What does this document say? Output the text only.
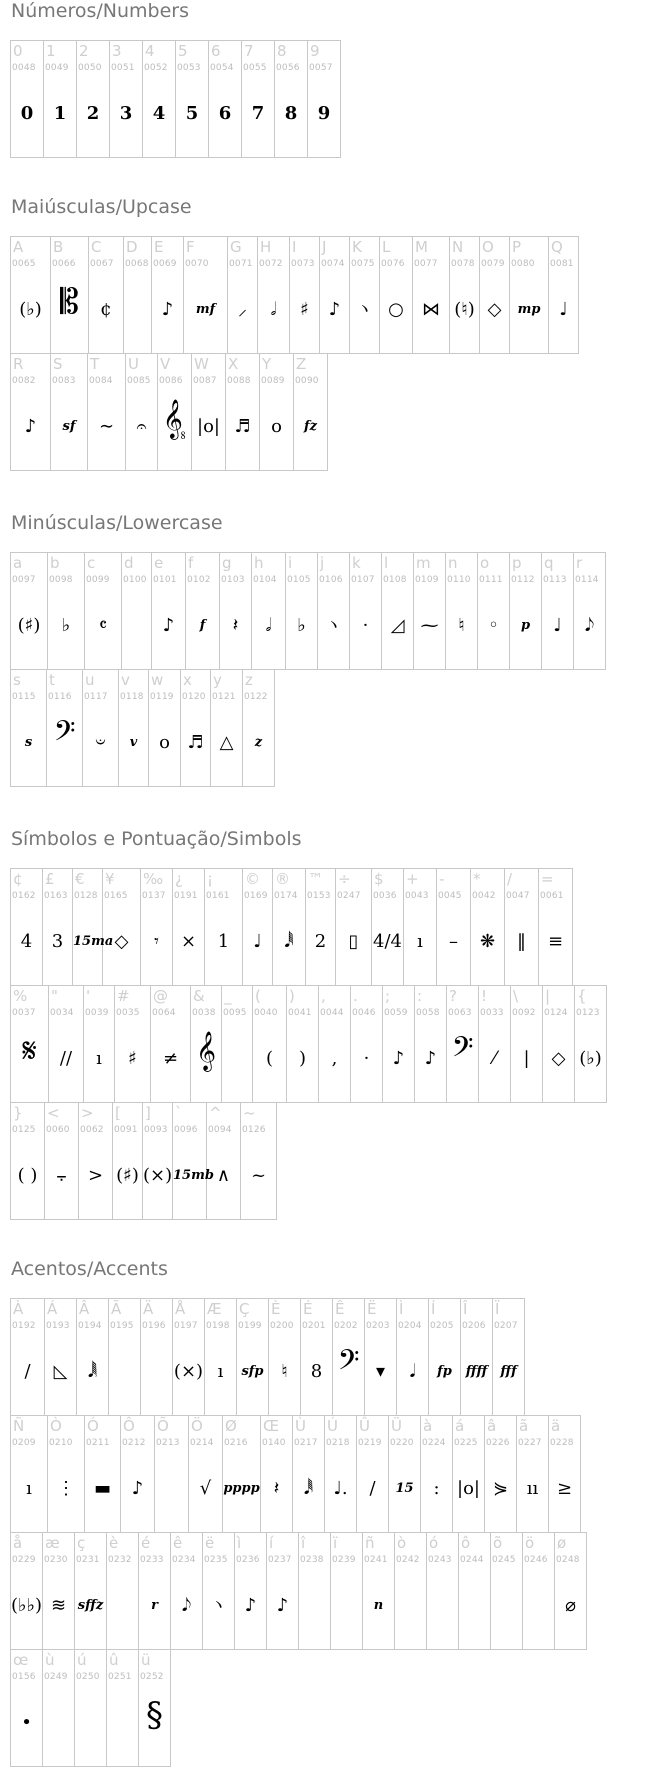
Números/Numbers
0
0048
0
1
0049
1
2
0050
2
3
0051
3
4
0052
4
5
0053
5
6
0054
6
7
0055
7
8
0056
8
9
0057
9
Maiúsculas/Upcase
A
0065
(♭)
B
0066
𝄡
C
0067
¢
D
0068
E
0069
♪
F
0070
mf
G
0071
⸝
H
0072
𝅗𝅥
I
0073
♯
J
0074
♪
K
0075
ヽ
L
0076
○
M
0077
⋈
N
0078
(♮)
O
0079
◇
P
0080
mp
Q
0081
♩
R
0082
♪
S
0083
sf
T
0084
∼
U
0085
𝄐
V
0086
𝄠
W
0087
|o|
X
0088
♬
Y
0089
o
Z
0090
fz
Minúsculas/Lowercase
a
0097
(♯)
b
0098
♭
c
0099
𝄴
d
0100
e
0101
♪
f
0102
f
g
0103
𝄽
h
0104
𝅗𝅥
i
0105
♭
j
0106
ヽ
k
0107
·
l
0108
◿
m
0109
⁓
n
0110
♮
o
0111
◦
p
0112
p
q
0113
♩
r
0114
𝅘𝅥𝅮
s
0115
s
t
0116
𝄢
u
0117
𝄑
v
0118
v
w
0119
o
x
0120
♬
y
0121
△
z
0122
z
Símbolos e Pontuação/Simbols
¢
0162
4
£
0163
3
€
0128
15ma
¥
0165
◇
‰
0137
𝄾
¿
0191
×
¡
0161
1
©
0169
♩
®
0174
𝅘𝅥𝅱
™
0153
2
÷
0247
▯
$
0036
4/4
+
0043
ı
-
0045
–
*
0042
❋
/
0047
‖
=
0061
≡
%
0037
𝄋
"
0034
//
'
0039
ı
#
0035
♯
@
0064
≠
&
0038
𝄞
_
0095
(
0040
(
)
0041
)
,
0044
,
.
0046
·
;
0059
♪
:
0058
♪
?
0063
𝄢
!
0033
⁄
\
0092
|
|
0124
◇
{
0123
(♭)
}
0125
( )
<
0060
⨪
>
0062
>
[
0091
(♯)
]
0093
(×)
`
0096
15mb
^
0094
∧
~
0126
~
Acentos/Accents
À
0192
/
Á
0193
◺
Â
0194
𝅘𝅥𝅲
Ã
0195
Ä
0196
Å
0197
(×)
Æ
0198
ı
Ç
0199
sfp
È
0200
♮
É
0201
8
Ê
0202
𝄢
Ë
0203
▾
Ì
0204
𝅘𝅥
Í
0205
fp
Î
0206
ffff
Ï
0207
fff
Ñ
0209
ı
Ò
0210
⋮
Ó
0211
▬
Ô
0212
♪
Õ
0213
Ö
0214
√
Ø
0216
pppp
Œ
0140
𝄽
Ù
0217
𝅘𝅥𝅱
Ú
0218
♩.
Û
0219
/
Ü
0220
15
à
0224
:
á
0225
|o|
â
0226
⋟
ã
0227
ıı
ä
0228
≥
å
0229
(♭♭)
æ
0230
≋
ç
0231
sffz
è
0232
é
0233
r
ê
0234
𝅘𝅥𝅮
ë
0235
ヽ
ì
0236
♪
í
0237
♪
î
0238
ï
0239
ñ
0241
n
ò
0242
ó
0243
ô
0244
õ
0245
ö
0246
ø
0248
⌀
œ
0156
•
ù
0249
ú
0250
û
0251
ü
0252
§
